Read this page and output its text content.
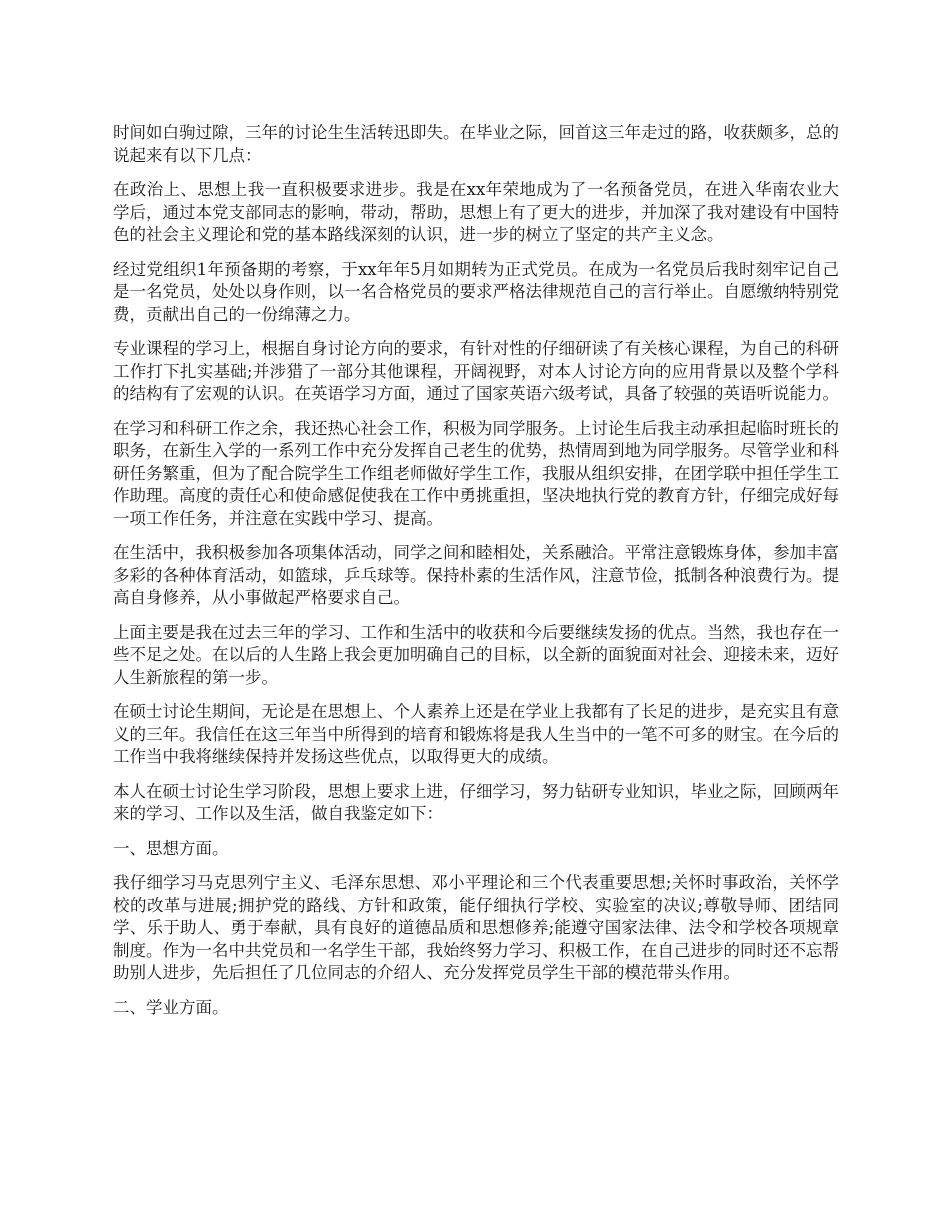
时间如白驹过隙，三年的讨论生生活转迅即失。在毕业之际，回首这三年走过的路，收获颇多，总的说起来有以下几点：

在政治上、思想上我一直积极要求进步。我是在xx年荣地成为了一名预备党员，在进入华南农业大学后，通过本党支部同志的影响，带动，帮助，思想上有了更大的进步，并加深了我对建设有中国特色的社会主义理论和党的基本路线深刻的认识，进一步的树立了坚定的共产主义念。

经过党组织1年预备期的考察，于xx年年5月如期转为正式党员。在成为一名党员后我时刻牢记自己是一名党员，处处以身作则，以一名合格党员的要求严格法律规范自己的言行举止。自愿缴纳特别党费，贡献出自己的一份绵薄之力。

专业课程的学习上，根据自身讨论方向的要求，有针对性的仔细研读了有关核心课程，为自己的科研工作打下扎实基础;并涉猎了一部分其他课程，开阔视野，对本人讨论方向的应用背景以及整个学科的结构有了宏观的认识。在英语学习方面，通过了国家英语六级考试，具备了较强的英语听说能力。

在学习和科研工作之余，我还热心社会工作，积极为同学服务。上讨论生后我主动承担起临时班长的职务，在新生入学的一系列工作中充分发挥自己老生的优势，热情周到地为同学服务。尽管学业和科研任务繁重，但为了配合院学生工作组老师做好学生工作，我服从组织安排，在团学联中担任学生工作助理。高度的责任心和使命感促使我在工作中勇挑重担，坚决地执行党的教育方针，仔细完成好每一项工作任务，并注意在实践中学习、提高。

在生活中，我积极参加各项集体活动，同学之间和睦相处，关系融洽。平常注意锻炼身体，参加丰富多彩的各种体育活动，如篮球，乒乓球等。保持朴素的生活作风，注意节俭，抵制各种浪费行为。提高自身修养，从小事做起严格要求自己。

上面主要是我在过去三年的学习、工作和生活中的收获和今后要继续发扬的优点。当然，我也存在一些不足之处。在以后的人生路上我会更加明确自己的目标，以全新的面貌面对社会、迎接未来，迈好人生新旅程的第一步。

在硕士讨论生期间，无论是在思想上、个人素养上还是在学业上我都有了长足的进步，是充实且有意义的三年。我信任在这三年当中所得到的培育和锻炼将是我人生当中的一笔不可多的财宝。在今后的工作当中我将继续保持并发扬这些优点，以取得更大的成绩。

本人在硕士讨论生学习阶段，思想上要求上进，仔细学习，努力钻研专业知识，毕业之际，回顾两年来的学习、工作以及生活，做自我鉴定如下：

一、思想方面。

我仔细学习马克思列宁主义、毛泽东思想、邓小平理论和三个代表重要思想;关怀时事政治，关怀学校的改革与进展;拥护党的路线、方针和政策，能仔细执行学校、实验室的决议;尊敬导师、团结同学、乐于助人、勇于奉献，具有良好的道德品质和思想修养;能遵守国家法律、法令和学校各项规章制度。作为一名中共党员和一名学生干部，我始终努力学习、积极工作，在自己进步的同时还不忘帮助别人进步，先后担任了几位同志的介绍人、充分发挥党员学生干部的模范带头作用。

二、学业方面。
